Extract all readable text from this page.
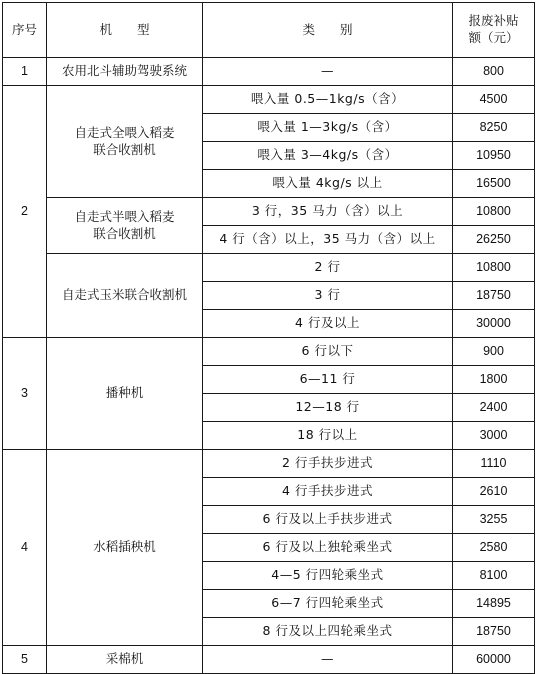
序号	机　　型	类　　别	报废补贴
额（元）

1	农用北斗辅助驾驶系统	—	800
2	自走式全喂入稻麦
联合收割机	喂入量 0.5—1kg/s（含）	4500
		喂入量 1—3kg/s（含）	8250
		喂入量 3—4kg/s（含）	10950
		喂入量 4kg/s 以上	16500

	自走式半喂入稻麦
联合收割机	3 行，35 马力（含）以上	10800
		4 行（含）以上，35 马力（含）以上	26250

	自走式玉米联合收割机	2 行	10800
		3 行	18750
		4 行及以上	30000
3	播种机	6 行以下	900
		6—11 行	1800
		12—18 行	2400
		18 行以上	3000
4	水稻插秧机	2 行手扶步进式	1110
		4 行手扶步进式	2610
		6 行及以上手扶步进式	3255
		6 行及以上独轮乘坐式	2580
		4—5 行四轮乘坐式	8100
		6—7 行四轮乘坐式	14895
		8 行及以上四轮乘坐式	18750
5	采棉机	—	60000
